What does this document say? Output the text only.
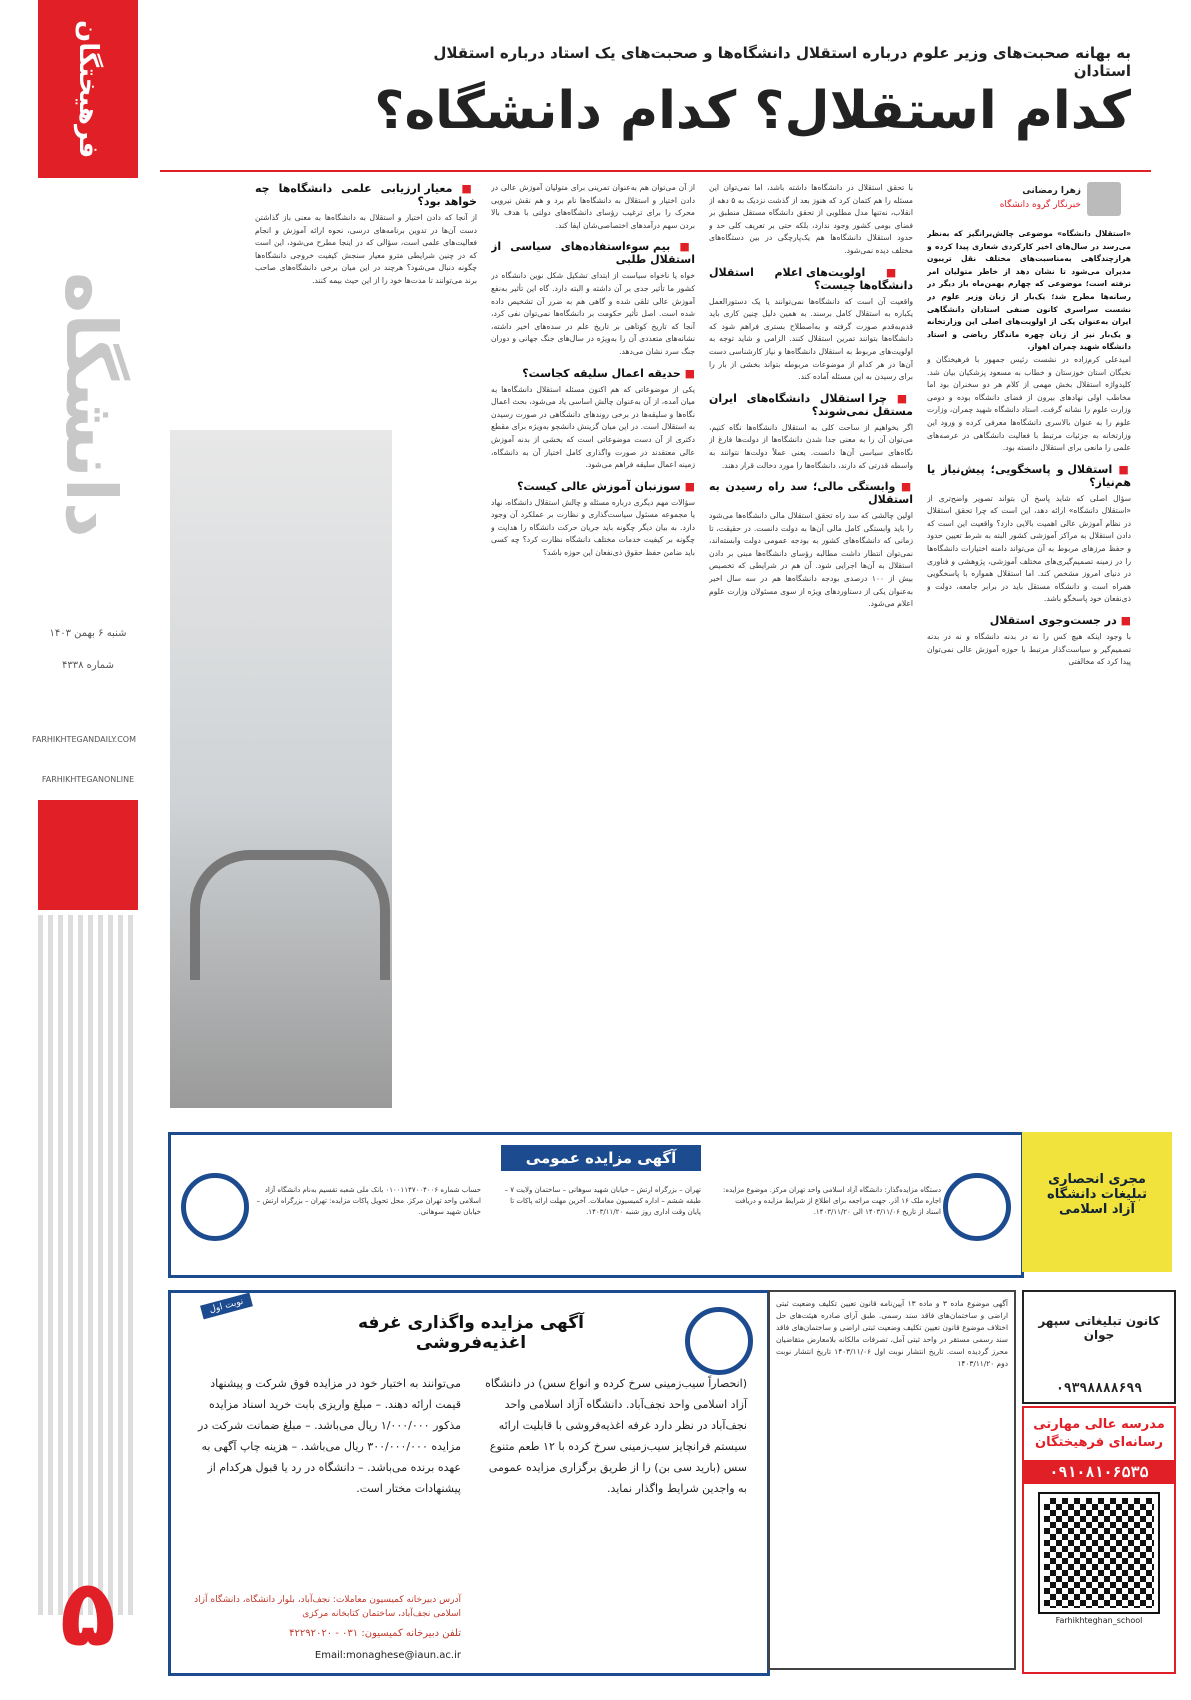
فرهیختگان
دانشگاه
شنبه ۶ بهمن ۱۴۰۳
شماره ۴۳۳۸
FARHIKHTEGANDAILY.COM
FARHIKHTEGANONLINE
۵
به بهانه صحبت‌های وزیر علوم درباره استقلال دانشگاه‌ها و صحبت‌های یک استاد درباره استقلال استادان
کدام استقلال؟ کدام دانشگاه؟
زهرا رمضانی
خبرنگار گروه دانشگاه
«استقلال دانشگاه» موضوعی چالش‌برانگیز که به‌نظر می‌رسد در سال‌های اخیر کارکردی شعاری پیدا کرده و هرازچندگاهی به‌مناسبت‌های مختلف نقل تریبون مدیران می‌شود تا نشان دهد از خاطر متولیان امر نرفته است؛ موضوعی که چهارم بهمن‌ماه باز دیگر در رسانه‌ها مطرح شد؛ یک‌بار از زبان وزیر علوم در نشست سراسری کانون صنفی استادان دانشگاهی ایران به‌عنوان یکی از اولویت‌های اصلی این وزارتخانه و یک‌بار نیز از زبان چهره ماندگار ریاضی و استاد دانشگاه شهید چمران اهواز.
امیدعلی کرم‌زاده در نشست رئیس جمهور با فرهیختگان و نخبگان استان خوزستان و خطاب به مسعود پزشکیان بیان شد. کلیدواژه استقلال بخش مهمی از کلام هر دو سخنران بود اما مخاطب اولی نهادهای بیرون از فضای دانشگاه بوده و دومی وزارت علوم را نشانه گرفت. استاد دانشگاه شهید چمران، وزارت علوم را به عنوان بالاسری دانشگاه‌ها معرفی کرده و ورود این وزارتخانه به جزئیات مرتبط با فعالیت دانشگاهی در عرصه‌های علمی را مانعی برای استقلال دانسته بود.
■ استقلال و پاسخگویی؛ پیش‌نیاز یا هم‌نیاز؟
سؤال اصلی که شاید پاسخ آن بتواند تصویر واضح‌تری از «استقلال دانشگاه» ارائه دهد، این است که چرا تحقق استقلال در نظام آموزش عالی اهمیت بالایی دارد؟ واقعیت این است که دادن استقلال به مراکز آموزشی کشور البته به شرط تعیین حدود و حفظ مرزهای مربوط به آن می‌تواند دامنه اختیارات دانشگاه‌ها را در زمینه تصمیم‌گیری‌های مختلف آموزشی، پژوهشی و فناوری در دنیای امروز مشخص کند. اما استقلال همواره با پاسخگویی همراه است و دانشگاه مستقل باید در برابر جامعه، دولت و ذی‌نفعان خود پاسخگو باشد.
■ در جست‌وجوی استقلال
با وجود اینکه هیچ کس را نه در بدنه دانشگاه و نه در بدنه تصمیم‌گیر و سیاست‌گذار مرتبط با حوزه آموزش عالی نمی‌توان پیدا کرد که مخالفتی
با تحقق استقلال در دانشگاه‌ها داشته باشد، اما نمی‌توان این مسئله را هم کتمان کرد که هنوز بعد از گذشت نزدیک به ۵ دهه از انقلاب، نه‌تنها مدل مطلوبی از تحقق دانشگاه مستقل منطبق بر فضای بومی کشور وجود ندارد، بلکه حتی بر تعریف کلی حد و حدود استقلال دانشگاه‌ها هم یک‌پارچگی در بین دستگاه‌های مختلف دیده نمی‌شود.
■ اولویت‌های اعلام استقلال دانشگاه‌ها چیست؟
واقعیت آن است که دانشگاه‌ها نمی‌توانند یا یک دستورالعمل یکباره به استقلال کامل برسند. به همین دلیل چنین کاری باید قدم‌به‌قدم صورت گرفته و به‌اصطلاح بستری فراهم شود که دانشگاه‌ها بتوانند تمرین استقلال کنند. الزامی و شاید توجه به اولویت‌های مربوط به استقلال دانشگاه‌ها و نیاز کارشناسی دست آن‌ها در هر کدام از موضوعات مربوطه بتواند بخشی از بار را برای رسیدن به این مسئله آماده کند.
■ چرا استقلال دانشگاه‌های ایران مستقل نمی‌شوند؟
اگر بخواهیم از ساحت کلی به استقلال دانشگاه‌ها نگاه کنیم، می‌توان آن را به معنی جدا شدن دانشگاه‌ها از دولت‌ها فارغ از نگاه‌های سیاسی آن‌ها دانست. یعنی عملاً دولت‌ها نتوانند به واسطه قدرتی که دارند، دانشگاه‌ها را مورد دخالت قرار دهند.
■ وابستگی مالی؛ سد راه رسیدن به استقلال
اولین چالشی که سد راه تحقق استقلال مالی دانشگاه‌ها می‌شود را باید وابستگی کامل مالی آن‌ها به دولت دانست. در حقیقت، تا زمانی که دانشگاه‌های کشور به بودجه عمومی دولت وابسته‌اند، نمی‌توان انتظار داشت مطالبه رؤسای دانشگاه‌ها مبنی بر دادن استقلال به آن‌ها اجرایی شود. آن هم در شرایطی که تخصیص بیش از ۱۰۰ درصدی بودجه دانشگاه‌ها هم در سه سال اخیر به‌عنوان یکی از دستاوردهای ویژه از سوی مسئولان وزارت علوم اعلام می‌شود.
از آن می‌توان هم به‌عنوان تمرینی برای متولیان آموزش عالی در دادن اختیار و استقلال به دانشگاه‌ها نام برد و هم نقش نیرویی محرک را برای ترغیب رؤسای دانشگاه‌های دولتی با هدف بالا بردن سهم درآمدهای اختصاصی‌شان ایفا کند.
■ بیم سوءاستفاده‌های سیاسی از استقلال طلبی
خواه یا ناخواه سیاست از ابتدای تشکیل شکل نوین دانشگاه در کشور ما تأثیر جدی بر آن داشته و البته دارد. گاه این تأثیر به‌نفع آموزش عالی تلقی شده و گاهی هم به ضرر آن تشخیص داده شده است. اصل تأثیر حکومت بر دانشگاه‌ها نمی‌توان نفی کرد، آنجا که تاریخ کوتاهی بر تاریخ علم در سده‌های اخیر داشته، نشانه‌های متعددی آن را به‌ویژه در سال‌های جنگ جهانی و دوران جنگ سرد نشان می‌دهد.
■ حدیقه اعمال سلیقه کجاست؟
یکی از موضوعاتی که هم اکنون مسئله استقلال دانشگاه‌ها به میان آمده، از آن به‌عنوان چالش اساسی یاد می‌شود، بحث اعمال نگاه‌ها و سلیقه‌ها در برخی روندهای دانشگاهی در صورت رسیدن به استقلال است. در این میان گزینش دانشجو به‌ویژه برای مقطع دکتری از آن دست موضوعاتی است که بخشی از بدنه آموزش عالی معتقدند در صورت واگذاری کامل اختیار آن به دانشگاه، زمینه اعمال سلیقه فراهم می‌شود.
■ سوزنبان آموزش عالی کیست؟
سؤالات مهم دیگری درباره مسئله و چالش استقلال دانشگاه، نهاد یا مجموعه مسئول سیاست‌گذاری و نظارت بر عملکرد آن وجود دارد. به بیان دیگر چگونه باید جریان حرکت دانشگاه را هدایت و چگونه بر کیفیت خدمات مختلف دانشگاه نظارت کرد؟ چه کسی باید ضامن حفظ حقوق ذی‌نفعان این حوزه باشد؟
■ معیار ارزیابی علمی دانشگاه‌ها چه خواهد بود؟
از آنجا که دادن اختیار و استقلال به دانشگاه‌ها به معنی باز گذاشتن دست آن‌ها در تدوین برنامه‌های درسی، نحوه ارائه آموزش و انجام فعالیت‌های علمی است، سؤالی که در اینجا مطرح می‌شود، این است که در چنین شرایطی مترو معیار سنجش کیفیت خروجی دانشگاه‌ها چگونه دنبال می‌شود؟ هرچند در این میان برخی دانشگاه‌های صاحب برند می‌توانند تا مدت‌ها خود را از این حیث بیمه کنند.
آگهی مزایده عمومی
دستگاه مزایده‌گذار: دانشگاه آزاد اسلامی واحد تهران مرکز. موضوع مزایده: اجاره ملک ۱۶ آذر. جهت مراجعه برای اطلاع از شرایط مزایده و دریافت اسناد از تاریخ ۱۴۰۳/۱۱/۰۶ الی ۱۴۰۳/۱۱/۲۰.
تهران – بزرگراه ارتش – خیابان شهید سوهانی – ساختمان ولایت ۷ – طبقه ششم – اداره کمیسیون معاملات. آخرین مهلت ارائه پاکات تا پایان وقت اداری روز شنبه ۱۴۰۳/۱۱/۲۰.
حساب شماره ۰۱۰۰۱۱۴۷۰۰۴۰۰۶ بانک ملی شعبه تقسیم به‌نام دانشگاه آزاد اسلامی واحد تهران مرکز. محل تحویل پاکات مزایده: تهران – بزرگراه ارتش – خیابان شهید سوهانی.
مجری انحصاری تبلیغات دانشگاه آزاد اسلامی
آگهی مزایده واگذاری غرفه اغذیه‌فروشی
نوبت اول
(انحصاراً سیب‌زمینی سرخ کرده و انواع سس) در دانشگاه آزاد اسلامی واحد نجف‌آباد. دانشگاه آزاد اسلامی واحد نجف‌آباد در نظر دارد غرفه اغذیه‌فروشی با قابلیت ارائه سیستم فرانچایز سیب‌زمینی سرخ کرده با ۱۲ طعم متنوع سس (بارید سی بن) را از طریق برگزاری مزایده عمومی به واجدین شرایط واگذار نماید.
می‌توانند به اختیار خود در مزایده فوق شرکت و پیشنهاد قیمت ارائه دهند. – مبلغ واریزی بابت خرید اسناد مزایده مذکور ۱/۰۰۰/۰۰۰ ریال می‌باشد. – مبلغ ضمانت شرکت در مزایده ۳۰۰/۰۰۰/۰۰۰ ریال می‌باشد. – هزینه چاپ آگهی به عهده برنده می‌باشد. – دانشگاه در رد یا قبول هرکدام از پیشنهادات مختار است.
آدرس دبیرخانه کمیسیون معاملات: نجف‌آباد، بلوار دانشگاه، دانشگاه آزاد اسلامی نجف‌آباد، ساختمان کتابخانه مرکزی
تلفن دبیرخانه کمیسیون: ۰۳۱ - ۴۲۲۹۲۰۲۰
Email:monaghese@iaun.ac.ir
آگهی موضوع ماده ۳ و ماده ۱۳ آیین‌نامه قانون تعیین تکلیف وضعیت ثبتی اراضی و ساختمان‌های فاقد سند رسمی. طبق آرای صادره هیئت‌های حل اختلاف موضوع قانون تعیین تکلیف وضعیت ثبتی اراضی و ساختمان‌های فاقد سند رسمی مستقر در واحد ثبتی آمل، تصرفات مالکانه بلامعارض متقاضیان محرز گردیده است. تاریخ انتشار نوبت اول ۱۴۰۳/۱۱/۰۶ تاریخ انتشار نوبت دوم ۱۴۰۳/۱۱/۲۰
کانون تبلیغاتی سپهر جوان
۰۹۳۹۸۸۸۸۶۹۹
مدرسه عالی مهارتی رسانه‌ای فرهیختگان
۰۹۱۰۸۱۰۶۵۳۵
Farhikhteghan_school
